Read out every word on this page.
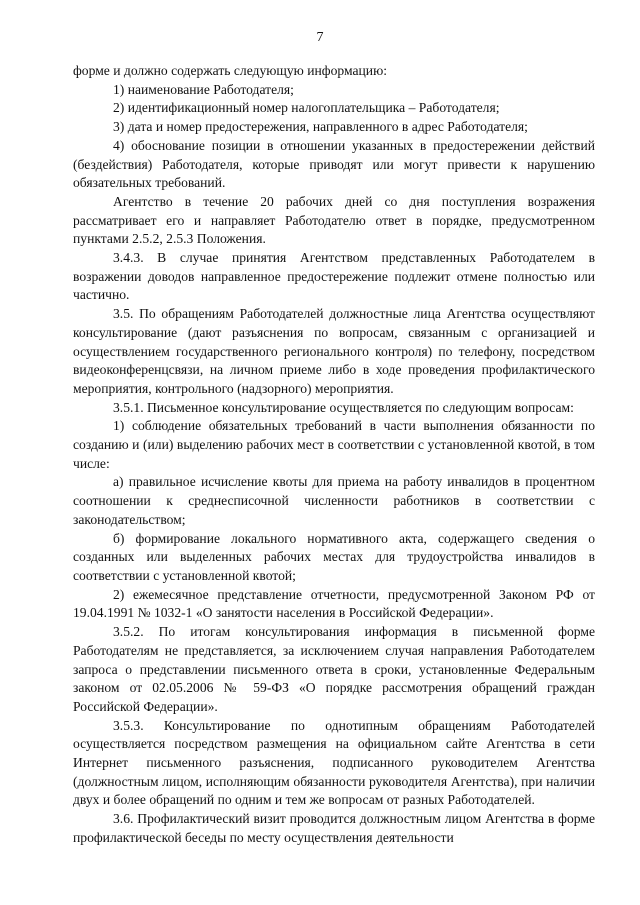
7

форме и должно содержать следующую информацию:

1) наименование Работодателя;

2) идентификационный номер налогоплательщика – Работодателя;

3) дата и номер предостережения, направленного в адрес Работодателя;

4) обоснование позиции в отношении указанных в предостережении действий (бездействия) Работодателя, которые приводят или могут привести к нарушению обязательных требований.

Агентство в течение 20 рабочих дней со дня поступления возражения рассматривает его и направляет Работодателю ответ в порядке, предусмотренном пунктами 2.5.2, 2.5.3 Положения.

3.4.3. В случае принятия Агентством представленных Работодателем в возражении доводов направленное предостережение подлежит отмене полностью или частично.

3.5. По обращениям Работодателей должностные лица Агентства осуществляют консультирование (дают разъяснения по вопросам, связанным с организацией и осуществлением государственного регионального контроля) по телефону, посредством видеоконференцсвязи, на личном приеме либо в ходе проведения профилактического мероприятия, контрольного (надзорного) мероприятия.

3.5.1. Письменное консультирование осуществляется по следующим вопросам:

1) соблюдение обязательных требований в части выполнения обязанности по созданию и (или) выделению рабочих мест в соответствии с установленной квотой, в том числе:

а) правильное исчисление квоты для приема на работу инвалидов в процентном соотношении к среднесписочной численности работников в соответствии с законодательством;

б) формирование локального нормативного акта, содержащего сведения о созданных или выделенных рабочих местах для трудоустройства инвалидов в соответствии с установленной квотой;

2) ежемесячное представление отчетности, предусмотренной Законом РФ от 19.04.1991 № 1032-1 «О занятости населения в Российской Федерации».

3.5.2. По итогам консультирования информация в письменной форме Работодателям не представляется, за исключением случая направления Работодателем запроса о представлении письменного ответа в сроки, установленные Федеральным законом от 02.05.2006 № 59-ФЗ «О порядке рассмотрения обращений граждан Российской Федерации».

3.5.3. Консультирование по однотипным обращениям Работодателей осуществляется посредством размещения на официальном сайте Агентства в сети Интернет письменного разъяснения, подписанного руководителем Агентства (должностным лицом, исполняющим обязанности руководителя Агентства), при наличии двух и более обращений по одним и тем же вопросам от разных Работодателей.

3.6. Профилактический визит проводится должностным лицом Агентства в форме профилактической беседы по месту осуществления деятельности
